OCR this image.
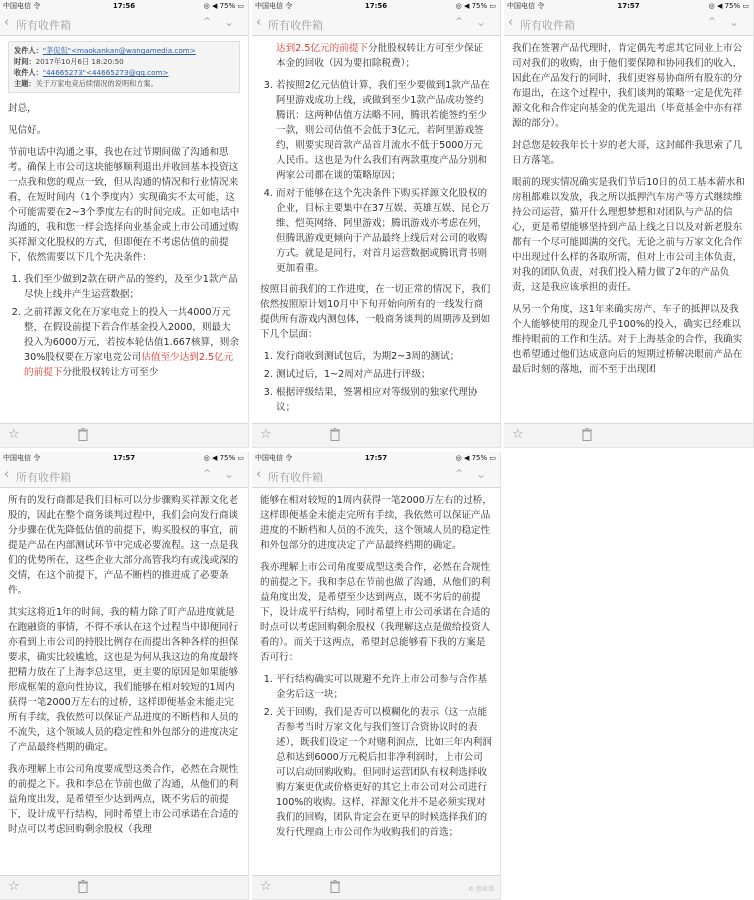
中国电信 令	17:56	◎ ◀ 75% ▭
‹ 所有收件箱	⌃ ⌄
发件人："茅侃侃"<maokankan@wangamedia.com>
时间：2017年10月6日 18:20:50
收件人："44665273"<44665273@qq.com>
主题：关于万家电竞后续情况的说明和方案。

封总，

见信好。

节前电话中沟通之事，我也在过节期间做了沟通和思考。确保上市公司这块能够顺利退出并收回基本投资这一点我和您的观点一致，但从沟通的情况和行业情况来看，在短时间内（1个季度内）实现确实不太可能，这个可能需要在2~3个季度左右的时间完成。正如电话中沟通的，我和您一样会选择向业基金或上市公司通过购买祥源文化股权的方式，但即便在不考虑估值的前提下，依然需要以下几个先决条件：

1. 我们至少做到2款在研产品的签约，及至少1款产品尽快上线并产生运营数据；
2. 之前祥源文化在万家电竞上的投入一共4000万元整，在假设前提下若合作基金投入2000，则最大投入为6000万元，若按本轮估值1.667核算，则余30%股权要在万家电竞公司估值至少达到2.5亿元的前提下分批股权转让方可至少
☆
中国电信 令	17:56	◎ ◀ 75% ▭
‹ 所有收件箱	⌃ ⌄

达到2.5亿元的前提下分批股权转让方可至少保证本金的回收（因为要扣除税费）；

3. 若按照2亿元估值计算，我们至少要做到1款产品在阿里游戏成功上线，或做到至少1款产品成功签约腾讯：这两种估值方法略不同，腾讯若能签约至少一款，则公司估值不会低于3亿元，若阿里游戏签约，则要实现首款产品首月流水不低于5000万元人民币。这也是为什么我们有两款重度产品分别和两家公司都在谈的策略原因；
4. 而对于能够在这个先决条件下购买祥源文化股权的企业，目标主要集中在37互娱、英雄互娱、昆仑万维、恺英网络、阿里游戏；腾讯游戏亦考虑在列，但腾讯游戏更倾向于产品最终上线后对公司的收购方式。就是是同行，对首月运营数据或腾讯背书则更加看重。

按照目前我们的工作进度，在一切正常的情况下，我们依然按照原计划10月中下旬开始向所有的一线发行商提供所有游戏内测包体，一般商务谈判的周期涉及到如下几个层面：

1. 发行商收到测试包后，为期2~3周的测试；
2. 测试过后，1~2周对产品进行评级；
3. 根据评级结果，签署相应对等级别的独家代理协议；
☆
中国电信 令	17:57	◎ ◀ 75% ▭
‹ 所有收件箱	⌃ ⌄

我们在签署产品代理时，肯定偶先考虑其它同业上市公司对我们的收购，由于他们要保障和协同我们的收入，因此在产品发行的同时，我们更容易协商所有股东的分布退出，在这个过程中，我们谈判的策略一定是优先祥源文化和合作定向基金的优先退出（毕竟基金中亦有祥源的部分）。

封总您是较我年长十岁的老大哥，这封邮件我思索了几日方落笔。

眼前的现实情况确实是我们节后10日的员工基本薪水和房租都难以发放，我之所以抵押汽车房产等方式继续维持公司运营，猫开什么理想梦想和对团队与产品的信心，更是希望能够坚持到产品上线之日以及对新老股东都有一个尽可能圆满的交代。无论之前与万家文化合作中出现过什么样的各取所需，但对上市公司主体负责，对我的团队负责，对我们投入精力做了2年的产品负责，这是我应该承担的责任。

从另一个角度，这1年来确实房产、车子的抵押以及我个人能够使用的现金几乎100%的投入，确实已经难以维持眼前的工作和生活。对于上海基金的合作，我确实也希望通过他们达成意向后的短期过桥解决眼前产品在最后时刻的落地，而不至于出现团

☆
中国电信 令	17:57	◎ ◀ 75% ▭
‹ 所有收件箱	⌃ ⌄

所有的发行商都是我们目标可以分步骤购买祥源文化老股的，因此在整个商务谈判过程中，我们会向发行商谈分步骤在优先降低估值的前提下，购买股权的事宜，前提是产品在内部测试环节中完成必要流程。这一点是我们的优势所在，这些企业大部分高管我均有或浅或深的交情，在这个前提下，产品不断档的推进成了必要条件。

其实这将近1年的时间，我的精力除了盯产品进度就是在跑融资的事情，不得不承认在这个过程当中即便同行亦看到上市公司的持股比例存在而提出各种各样的担保要求，确实比较尴尬，这也是为何从我这边的角度最终把精力放在了上海李总这里，更主要的原因是如果能够形成框架的意向性协议，我们能够在相对较短的1周内获得一笔2000万左右的过桥，这样即便基金未能走完所有手续，我依然可以保证产品进度的不断档和人员的不流失，这个领域人员的稳定性和外包部分的进度决定了产品最终档期的确定。

我亦理解上市公司角度要成型这类合作，必然在合规性的前提之下。我和李总在节前也做了沟通，从他们的利益角度出发，是希望至少达到两点，既不劣后的前提下，设计成平行结构，同时希望上市公司承诺在合适的时点可以考虑回购剩余股权（我理

☆
中国电信 令	17:57	◎ ◀ 75% ▭
‹ 所有收件箱	⌃ ⌄

能够在相对较短的1周内获得一笔2000万左右的过桥，这样即便基金未能走完所有手续，我依然可以保证产品进度的不断档和人员的不流失，这个领域人员的稳定性和外包部分的进度决定了产品最终档期的确定。

我亦理解上市公司角度要成型这类合作，必然在合规性的前提之下。我和李总在节前也做了沟通，从他们的利益角度出发，是希望至少达到两点，既不劣后的前提下，设计成平行结构，同时希望上市公司承诺在合适的时点可以考虑回购剩余股权（我理解这点是做给投资人看的）。而关于这两点，希望封总能够看下我的方案是否可行：

1. 平行结构确实可以规避不允许上市公司参与合作基金劣后这一块；
2. 关于回购，我们是否可以模糊化的表示（这一点能否参考当时万家文化与我们签订合资协议时的表述），既我们设定一个对赌利润点，比如三年内利润总和达到6000万元税后扣非净利润时，上市公司可以启动回购收购。但同时运营团队有权利选择收购方案更优或价格更好的其它上市公司对公司进行100%的收购。这样，祥源文化并不是必须实现对我们的回购，团队肯定会在更早的时候选择我们的发行代理商上市公司作为收购我们的首选；
☆	© 创业邦
